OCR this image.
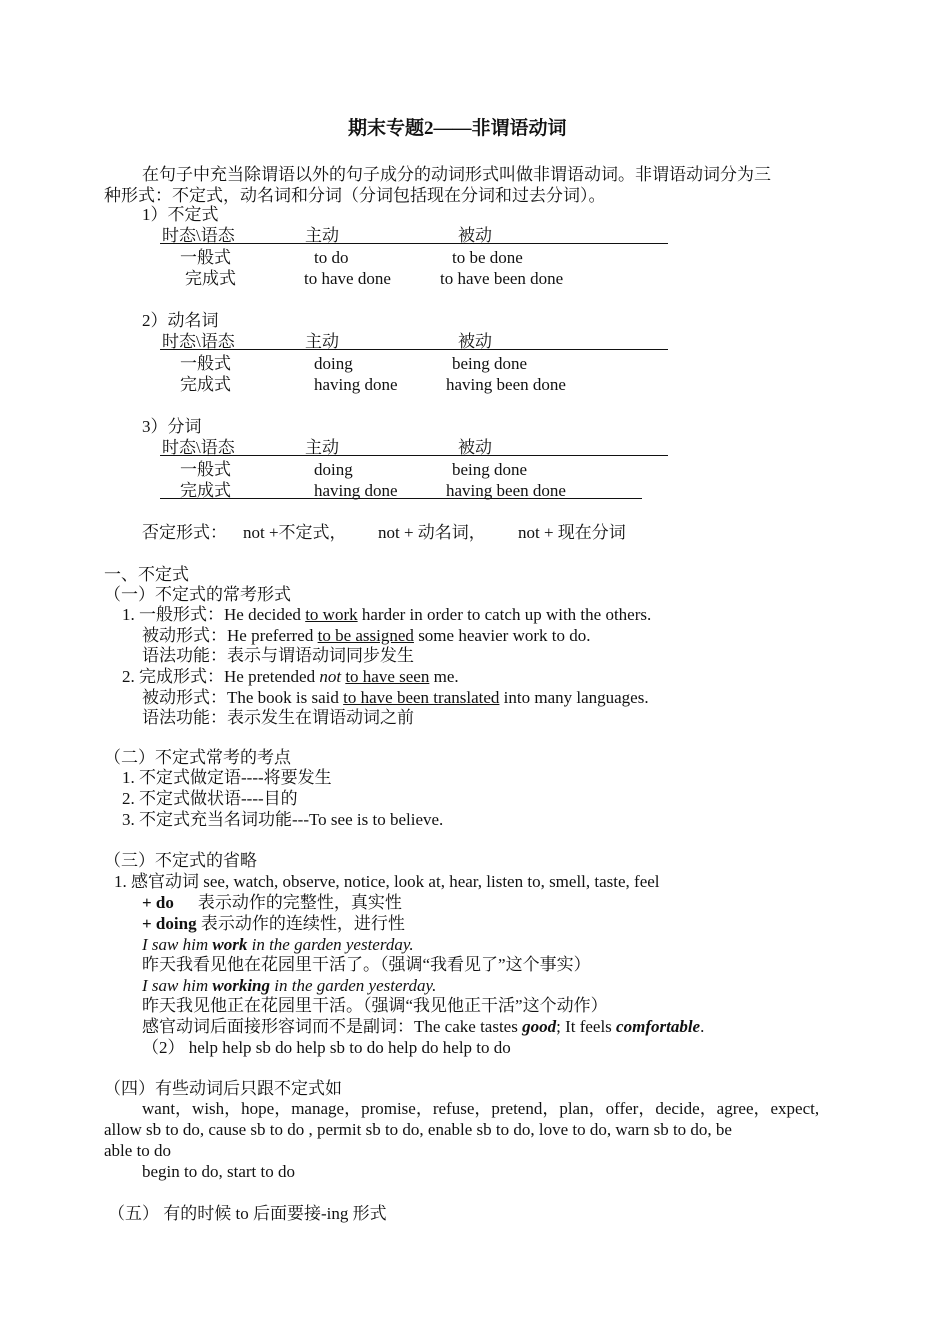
期末专题2——非谓语动词
在句子中充当除谓语以外的句子成分的动词形式叫做非谓语动词。非谓语动词分为三
种形式：不定式，动名词和分词（分词包括现在分词和过去分词）。
1）不定式
时态\语态	主动	被动
一般式	to do	to be done
完成式	to have done	to have been done
2）动名词
时态\语态	主动	被动
一般式	doing	being done
完成式	having done	having been done
3）分词
时态\语态	主动	被动
一般式	doing	being done
完成式	having done	having been done
否定形式： not +不定式， not + 动名词， not + 现在分词
一、不定式
（一）不定式的常考形式
1. 一般形式：He decided to work harder in order to catch up with the others.
被动形式：He preferred to be assigned some heavier work to do.
语法功能：表示与谓语动词同步发生
2. 完成形式：He pretended not to have seen me.
被动形式：The book is said to have been translated into many languages.
语法功能：表示发生在谓语动词之前
（二）不定式常考的考点
1. 不定式做定语----将要发生
2. 不定式做状语----目的
3. 不定式充当名词功能---To see is to believe.
（三）不定式的省略
1. 感官动词 see, watch, observe, notice, look at, hear, listen to, smell, taste, feel
+ do 表示动作的完整性，真实性
+ doing 表示动作的连续性，进行性
I saw him work in the garden yesterday.
昨天我看见他在花园里干活了。（强调“我看见了”这个事实）
I saw him working in the garden yesterday.
昨天我见他正在花园里干活。（强调“我见他正干活”这个动作）
感官动词后面接形容词而不是副词：The cake tastes good; It feels comfortable.
（2） help help sb do help sb to do help do help to do
（四）有些动词后只跟不定式如
want，wish，hope，manage，promise，refuse，pretend，plan，offer，decide，agree，expect,
allow sb to do, cause sb to do , permit sb to do, enable sb to do, love to do, warn sb to do, be
able to do
begin to do, start to do
（五） 有的时候 to 后面要接-ing 形式
